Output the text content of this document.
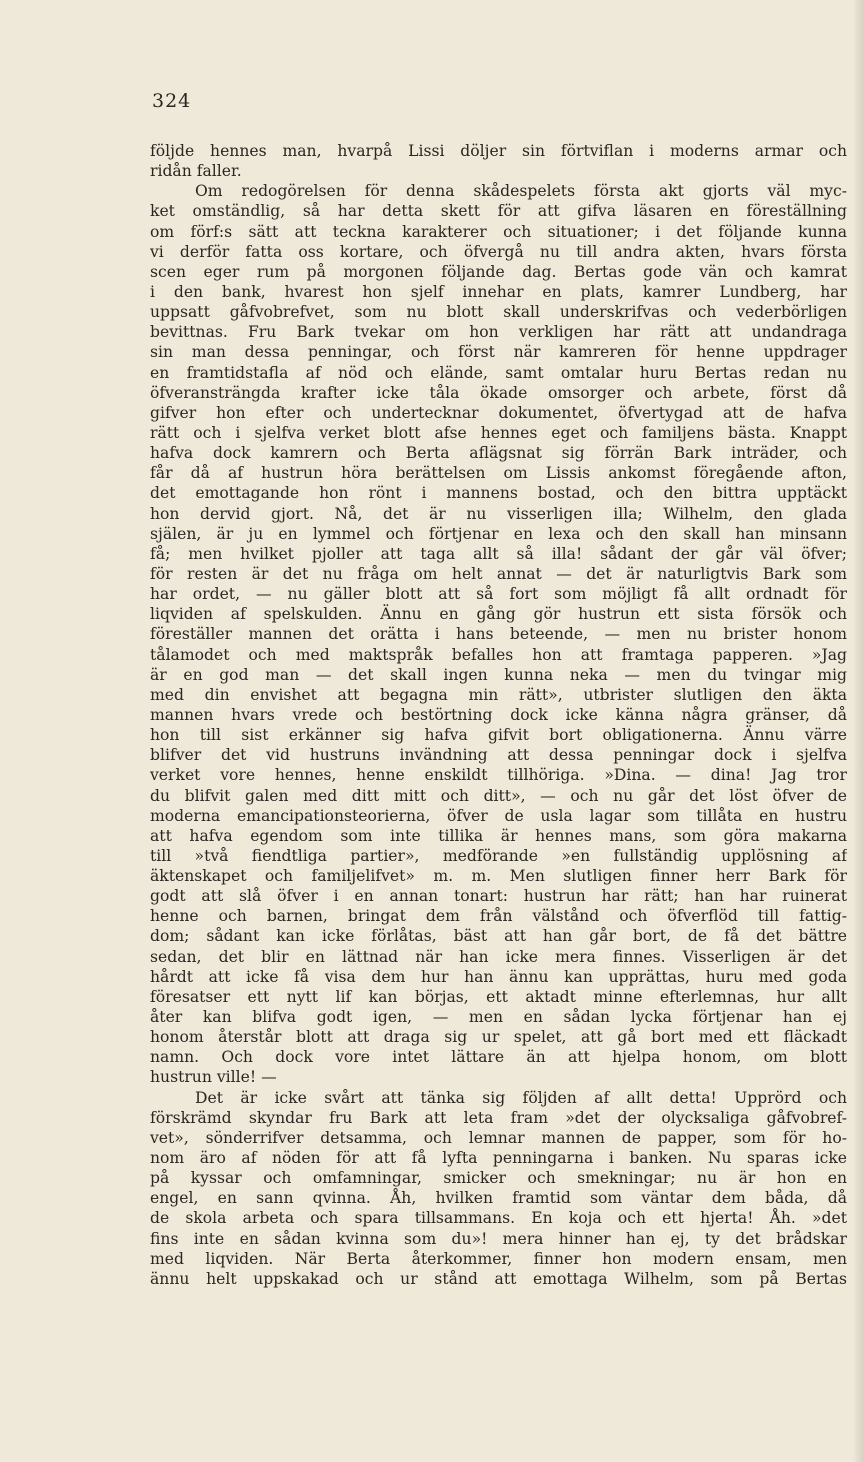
324
följde hennes man, hvarpå Lissi döljer sin förtviflan i moderns armar och
ridån faller.
Om redogörelsen för denna skådespelets första akt gjorts väl myc-
ket omständlig, så har detta skett för att gifva läsaren en föreställning
om förf:s sätt att teckna karakterer och situationer; i det följande kunna
vi derför fatta oss kortare, och öfvergå nu till andra akten, hvars första
scen eger rum på morgonen följande dag. Bertas gode vän och kamrat
i den bank, hvarest hon sjelf innehar en plats, kamrer Lundberg, har
uppsatt gåfvobrefvet, som nu blott skall underskrifvas och vederbörligen
bevittnas. Fru Bark tvekar om hon verkligen har rätt att undandraga
sin man dessa penningar, och först när kamreren för henne uppdrager
en framtidstafla af nöd och elände, samt omtalar huru Bertas redan nu
öfveransträngda krafter icke tåla ökade omsorger och arbete, först då
gifver hon efter och undertecknar dokumentet, öfvertygad att de hafva
rätt och i sjelfva verket blott afse hennes eget och familjens bästa. Knappt
hafva dock kamrern och Berta aflägsnat sig förrän Bark inträder, och
får då af hustrun höra berättelsen om Lissis ankomst föregående afton,
det emottagande hon rönt i mannens bostad, och den bittra upptäckt
hon dervid gjort. Nå, det är nu visserligen illa; Wilhelm, den glada
själen, är ju en lymmel och förtjenar en lexa och den skall han minsann
få; men hvilket pjoller att taga allt så illa! sådant der går väl öfver;
för resten är det nu fråga om helt annat — det är naturligtvis Bark som
har ordet, — nu gäller blott att så fort som möjligt få allt ordnadt för
liqviden af spelskulden. Ännu en gång gör hustrun ett sista försök och
föreställer mannen det orätta i hans beteende, — men nu brister honom
tålamodet och med maktspråk befalles hon att framtaga papperen. »Jag
är en god man — det skall ingen kunna neka — men du tvingar mig
med din envishet att begagna min rätt», utbrister slutligen den äkta
mannen hvars vrede och bestörtning dock icke känna några gränser, då
hon till sist erkänner sig hafva gifvit bort obligationerna. Ännu värre
blifver det vid hustruns invändning att dessa penningar dock i sjelfva
verket vore hennes, henne enskildt tillhöriga. »Dina. — dina! Jag tror
du blifvit galen med ditt mitt och ditt», — och nu går det löst öfver de
moderna emancipationsteorierna, öfver de usla lagar som tillåta en hustru
att hafva egendom som inte tillika är hennes mans, som göra makarna
till »två fiendtliga partier», medförande »en fullständig upplösning af
äktenskapet och familjelifvet» m. m. Men slutligen finner herr Bark för
godt att slå öfver i en annan tonart: hustrun har rätt; han har ruinerat
henne och barnen, bringat dem från välstånd och öfverflöd till fattig-
dom; sådant kan icke förlåtas, bäst att han går bort, de få det bättre
sedan, det blir en lättnad när han icke mera finnes. Visserligen är det
hårdt att icke få visa dem hur han ännu kan upprättas, huru med goda
föresatser ett nytt lif kan börjas, ett aktadt minne efterlemnas, hur allt
åter kan blifva godt igen, — men en sådan lycka förtjenar han ej
honom återstår blott att draga sig ur spelet, att gå bort med ett fläckadt
namn. Och dock vore intet lättare än att hjelpa honom, om blott
hustrun ville! —
Det är icke svårt att tänka sig följden af allt detta! Upprörd och
förskrämd skyndar fru Bark att leta fram »det der olycksaliga gåfvobref-
vet», sönderrifver detsamma, och lemnar mannen de papper, som för ho-
nom äro af nöden för att få lyfta penningarna i banken. Nu sparas icke
på kyssar och omfamningar, smicker och smekningar; nu är hon en
engel, en sann qvinna. Åh, hvilken framtid som väntar dem båda, då
de skola arbeta och spara tillsammans. En koja och ett hjerta! Åh. »det
fins inte en sådan kvinna som du»! mera hinner han ej, ty det brådskar
med liqviden. När Berta återkommer, finner hon modern ensam, men
ännu helt uppskakad och ur stånd att emottaga Wilhelm, som på Bertas
